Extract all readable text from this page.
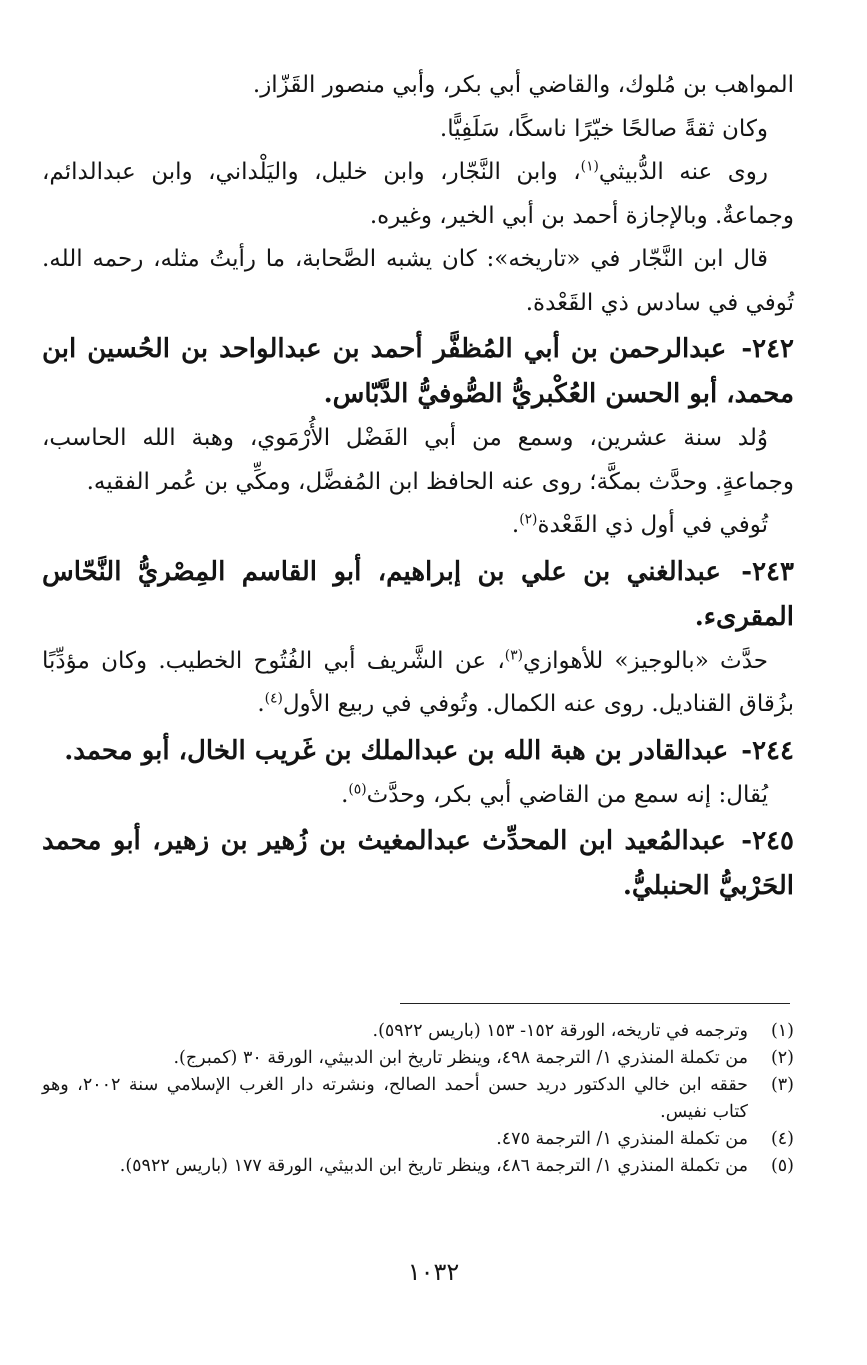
المواهب بن مُلوك، والقاضي أبي بكر، وأبي منصور القَزّاز.

وكان ثقةً صالحًا خيّرًا ناسكًا، سَلَفِيًّا.

روى عنه الدُّبيثي$^{(١)}$، وابن النَّجّار، وابن خليل، واليَلْداني، وابن عبدالدائم، وجماعةٌ. وبالإجازة أحمد بن أبي الخير، وغيره.

قال ابن النَّجّار في «تاريخه»: كان يشبه الصَّحابة، ما رأيتُ مثله، رحمه الله. تُوفي في سادس ذي القَعْدة.

٢٤٢- عبدالرحمن بن أبي المُظفَّر أحمد بن عبدالواحد بن الحُسين ابن محمد، أبو الحسن العُكْبريُّ الصُّوفيُّ الدَّبّاس.

وُلد سنة عشرين، وسمع من أبي الفَضْل الأُرْمَوي، وهبة الله الحاسب، وجماعةٍ. وحدَّث بمكَّة؛ روى عنه الحافظ ابن المُفضَّل، ومكِّي بن عُمر الفقيه.

تُوفي في أول ذي القَعْدة$^{(٢)}$.

٢٤٣- عبدالغني بن علي بن إبراهيم، أبو القاسم المِصْريُّ النَّحّاس المقرىء.

حدَّث «بالوجيز» للأهوازي$^{(٣)}$، عن الشَّريف أبي الفُتُوح الخطيب. وكان مؤدِّبًا بزُقاق القناديل. روى عنه الكمال. وتُوفي في ربيع الأول$^{(٤)}$.

٢٤٤- عبدالقادر بن هبة الله بن عبدالملك بن غَريب الخال، أبو محمد.

يُقال: إنه سمع من القاضي أبي بكر، وحدَّث$^{(٥)}$.

٢٤٥- عبدالمُعيد ابن المحدِّث عبدالمغيث بن زُهير بن زهير، أبو محمد الحَرْبيُّ الحنبليُّ.

(١)
وترجمه في تاريخه، الورقة ١٥٢- ١٥٣ (باريس ٥٩٢٢).
(٢)
من تكملة المنذري ١/ الترجمة ٤٩٨، وينظر تاريخ ابن الدبيثي، الورقة ٣٠ (كمبرج).
(٣)
حققه ابن خالي الدكتور دريد حسن أحمد الصالح، ونشرته دار الغرب الإسلامي سنة ٢٠٠٢، وهو كتاب نفيس.
(٤)
من تكملة المنذري ١/ الترجمة ٤٧٥.
(٥)
من تكملة المنذري ١/ الترجمة ٤٨٦، وينظر تاريخ ابن الدبيثي، الورقة ١٧٧ (باريس ٥٩٢٢).
١٠٣٢
